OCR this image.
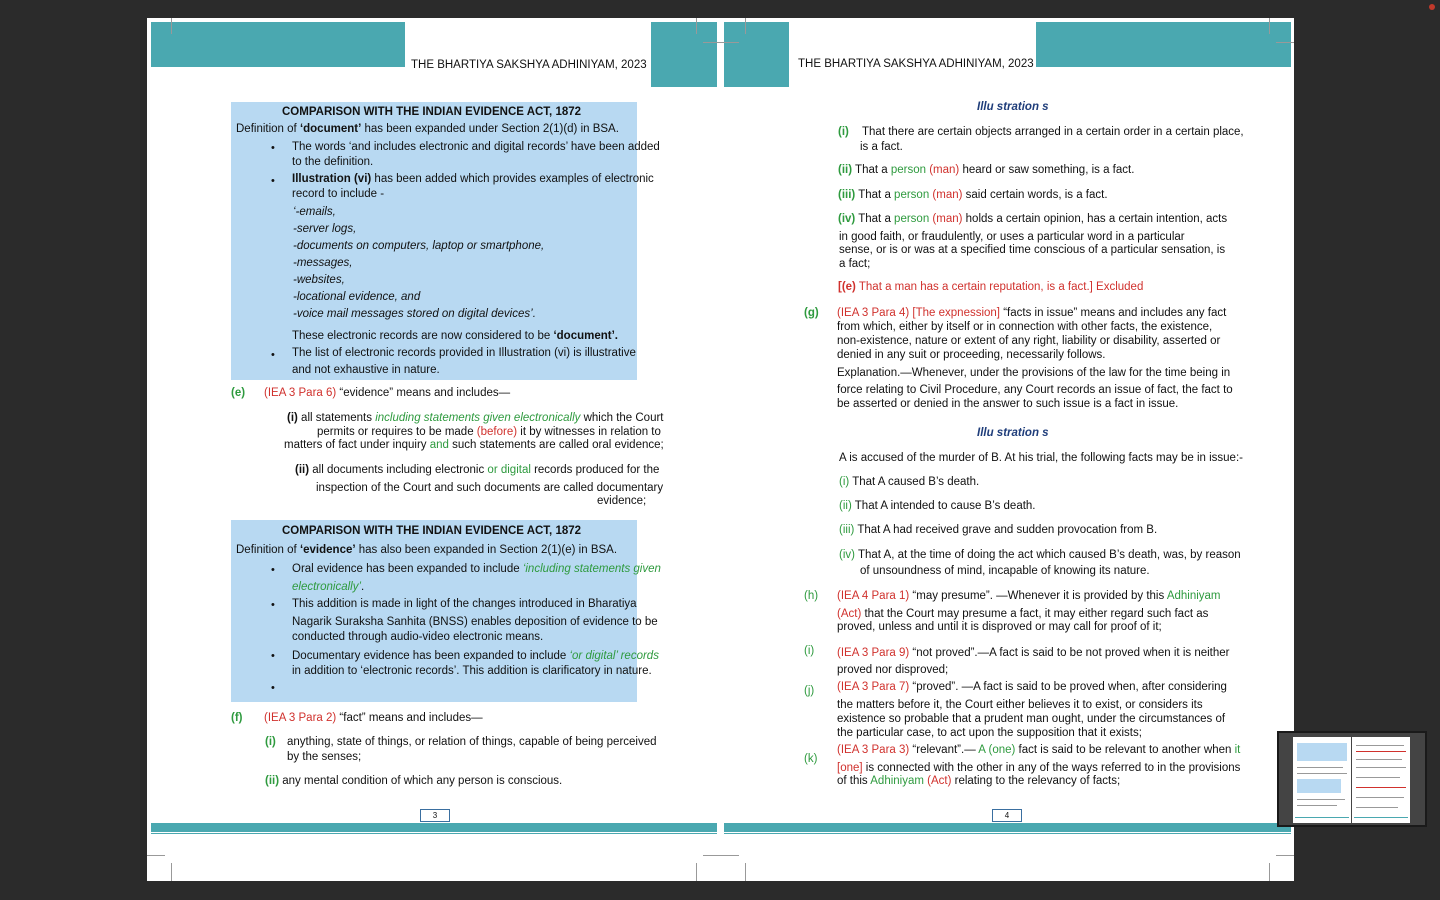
THE BHARTIYA SAKSHYA ADHINIYAM, 2023
COMPARISON WITH THE INDIAN EVIDENCE ACT, 1872
Definition of ‘document’ has been expanded under Section 2(1)(d) in BSA.
• The words ‘and includes electronic and digital records’ have been added
to the definition.
• Illustration (vi) has been added which provides examples of electronic
record to include -
‘-emails,
-server logs,
-documents on computers, laptop or smartphone,
-messages,
-websites,
-locational evidence, and
-voice mail messages stored on digital devices’.
These electronic records are now considered to be ‘document’.
• The list of electronic records provided in Illustration (vi) is illustrative
and not exhaustive in nature.
(e) (IEA 3 Para 6) “evidence” means and includes—
(i) all statements including statements given electronically which the Court
permits or requires to be made (before) it by witnesses in relation to
matters of fact under inquiry and such statements are called oral evidence;
(ii) all documents including electronic or digital records produced for the
inspection of the Court and such documents are called documentary
evidence;
COMPARISON WITH THE INDIAN EVIDENCE ACT, 1872
Definition of ‘evidence’ has also been expanded in Section 2(1)(e) in BSA.
• Oral evidence has been expanded to include ‘including statements given
electronically’.
• This addition is made in light of the changes introduced in Bharatiya
Nagarik Suraksha Sanhita (BNSS) enables deposition of evidence to be
conducted through audio-video electronic means.
• Documentary evidence has been expanded to include ‘or digital’ records
in addition to ‘electronic records’. This addition is clarificatory in nature.
•
(f) (IEA 3 Para 2) “fact” means and includes—
(i) anything, state of things, or relation of things, capable of being perceived
by the senses;
(ii) any mental condition of which any person is conscious.
3
THE BHARTIYA SAKSHYA ADHINIYAM, 2023
Illu stration s
(i) That there are certain objects arranged in a certain order in a certain place,
is a fact.
(ii) That a person (man) heard or saw something, is a fact.
(iii) That a person (man) said certain words, is a fact.
(iv) That a person (man) holds a certain opinion, has a certain intention, acts
in good faith, or fraudulently, or uses a particular word in a particular
sense, or is or was at a specified time conscious of a particular sensation, is
a fact;
[(e) That a man has a certain reputation, is a fact.] Excluded
(g) (IEA 3 Para 4) [The expnession] “facts in issue” means and includes any fact
from which, either by itself or in connection with other facts, the existence,
non-existence, nature or extent of any right, liability or disability, asserted or
denied in any suit or proceeding, necessarily follows.
Explanation.—Whenever, under the provisions of the law for the time being in
force relating to Civil Procedure, any Court records an issue of fact, the fact to
be asserted or denied in the answer to such issue is a fact in issue.
Illu stration s
A is accused of the murder of B. At his trial, the following facts may be in issue:-
(i) That A caused B’s death.
(ii) That A intended to cause B’s death.
(iii) That A had received grave and sudden provocation from B.
(iv) That A, at the time of doing the act which caused B’s death, was, by reason
of unsoundness of mind, incapable of knowing its nature.
(h) (IEA 4 Para 1) “may presume”. —Whenever it is provided by this Adhiniyam
(Act) that the Court may presume a fact, it may either regard such fact as
proved, unless and until it is disproved or may call for proof of it;
(i) (IEA 3 Para 9) “not proved”.—A fact is said to be not proved when it is neither
proved nor disproved;
(j) (IEA 3 Para 7) “proved”. —A fact is said to be proved when, after considering
the matters before it, the Court either believes it to exist, or considers its
existence so probable that a prudent man ought, under the circumstances of
the particular case, to act upon the supposition that it exists;
(k)
(IEA 3 Para 3) “relevant”.— A (one) fact is said to be relevant to another when it
[one] is connected with the other in any of the ways referred to in the provisions
of this Adhiniyam (Act) relating to the relevancy of facts;
4
